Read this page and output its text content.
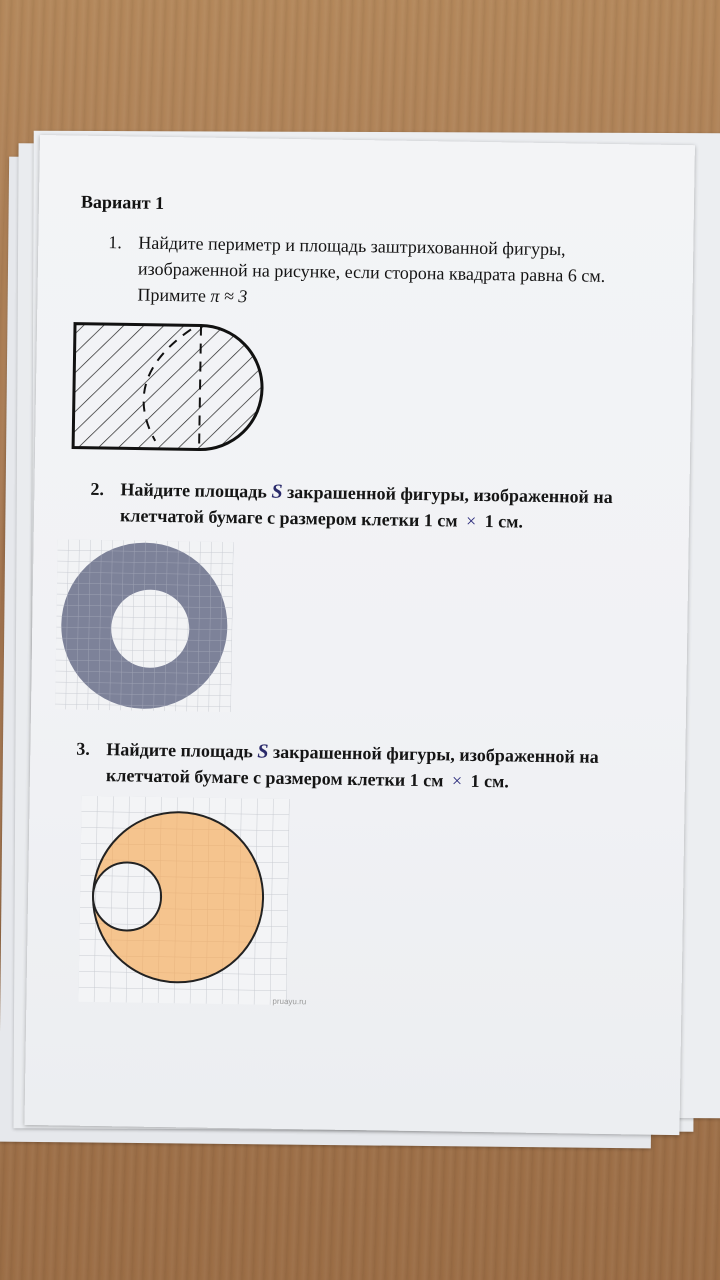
Вариант 1
1. Найдите периметр и площадь заштрихованной фигуры,
изображенной на рисунке, если сторона квадрата равна 6 см.
Примите π ≈ 3
2. Найдите площадь S закрашенной фигуры, изображенной на
клетчатой бумаге с размером клетки 1 см × 1 см.
3. Найдите площадь S закрашенной фигуры, изображенной на
клетчатой бумаге с размером клетки 1 см × 1 см.
pruayu.ru
